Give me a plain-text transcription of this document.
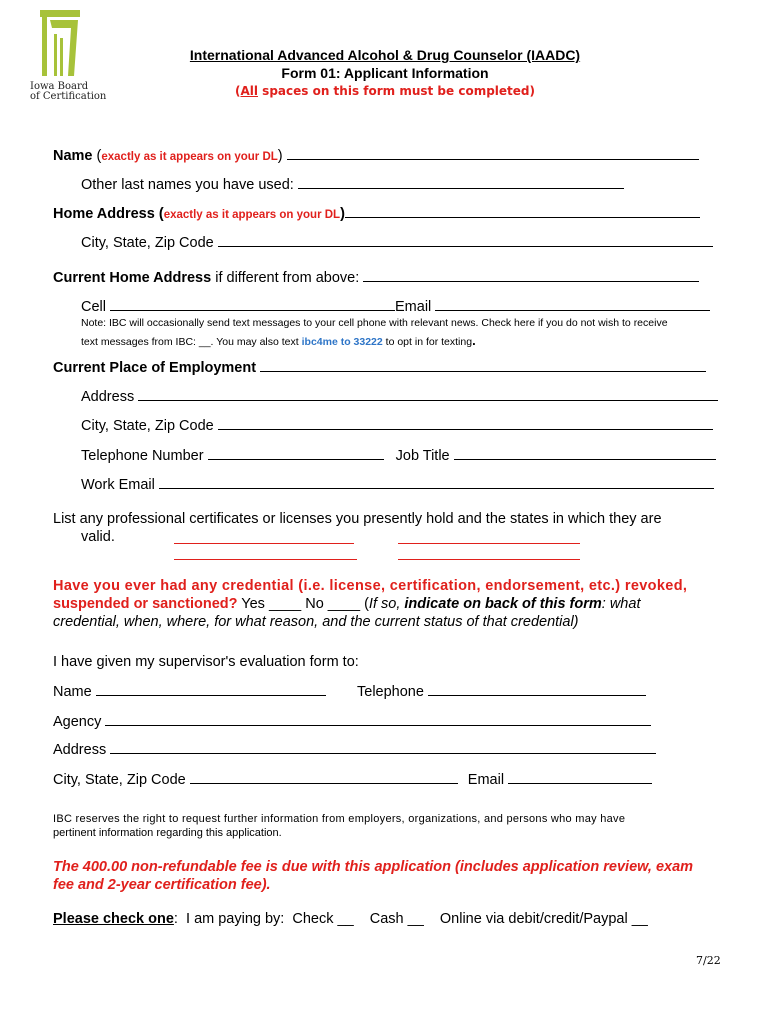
Iowa Board
of Certification
International Advanced Alcohol & Drug Counselor (IAADC)
Form 01: Applicant Information
(All spaces on this form must be completed)
Name (exactly as it appears on your DL)
Other last names you have used:
Home Address (exactly as it appears on your DL)
City, State, Zip Code
Current Home Address if different from above:
Cell	Email
Note: IBC will occasionally send text messages to your cell phone with relevant news. Check here if you do not wish to receive
text messages from IBC: __. You may also text ibc4me to 33222 to opt in for texting.
Current Place of Employment
Address
City, State, Zip Code
Telephone Number	Job Title
Work Email
List any professional certificates or licenses you presently hold and the states in which they are
valid.
Have you ever had any credential (i.e. license, certification, endorsement, etc.) revoked,
suspended or sanctioned? Yes ____ No ____ (If so, indicate on back of this form: what
credential, when, where, for what reason, and the current status of that credential)
I have given my supervisor's evaluation form to:
Name	Telephone
Agency
Address
City, State, Zip Code	Email
IBC reserves the right to request further information from employers, organizations, and persons who may have
pertinent information regarding this application.
The 400.00 non-refundable fee is due with this application (includes application review, exam
fee and 2-year certification fee).
Please check one:  I am paying by:  Check __    Cash __    Online via debit/credit/Paypal __
7/22
